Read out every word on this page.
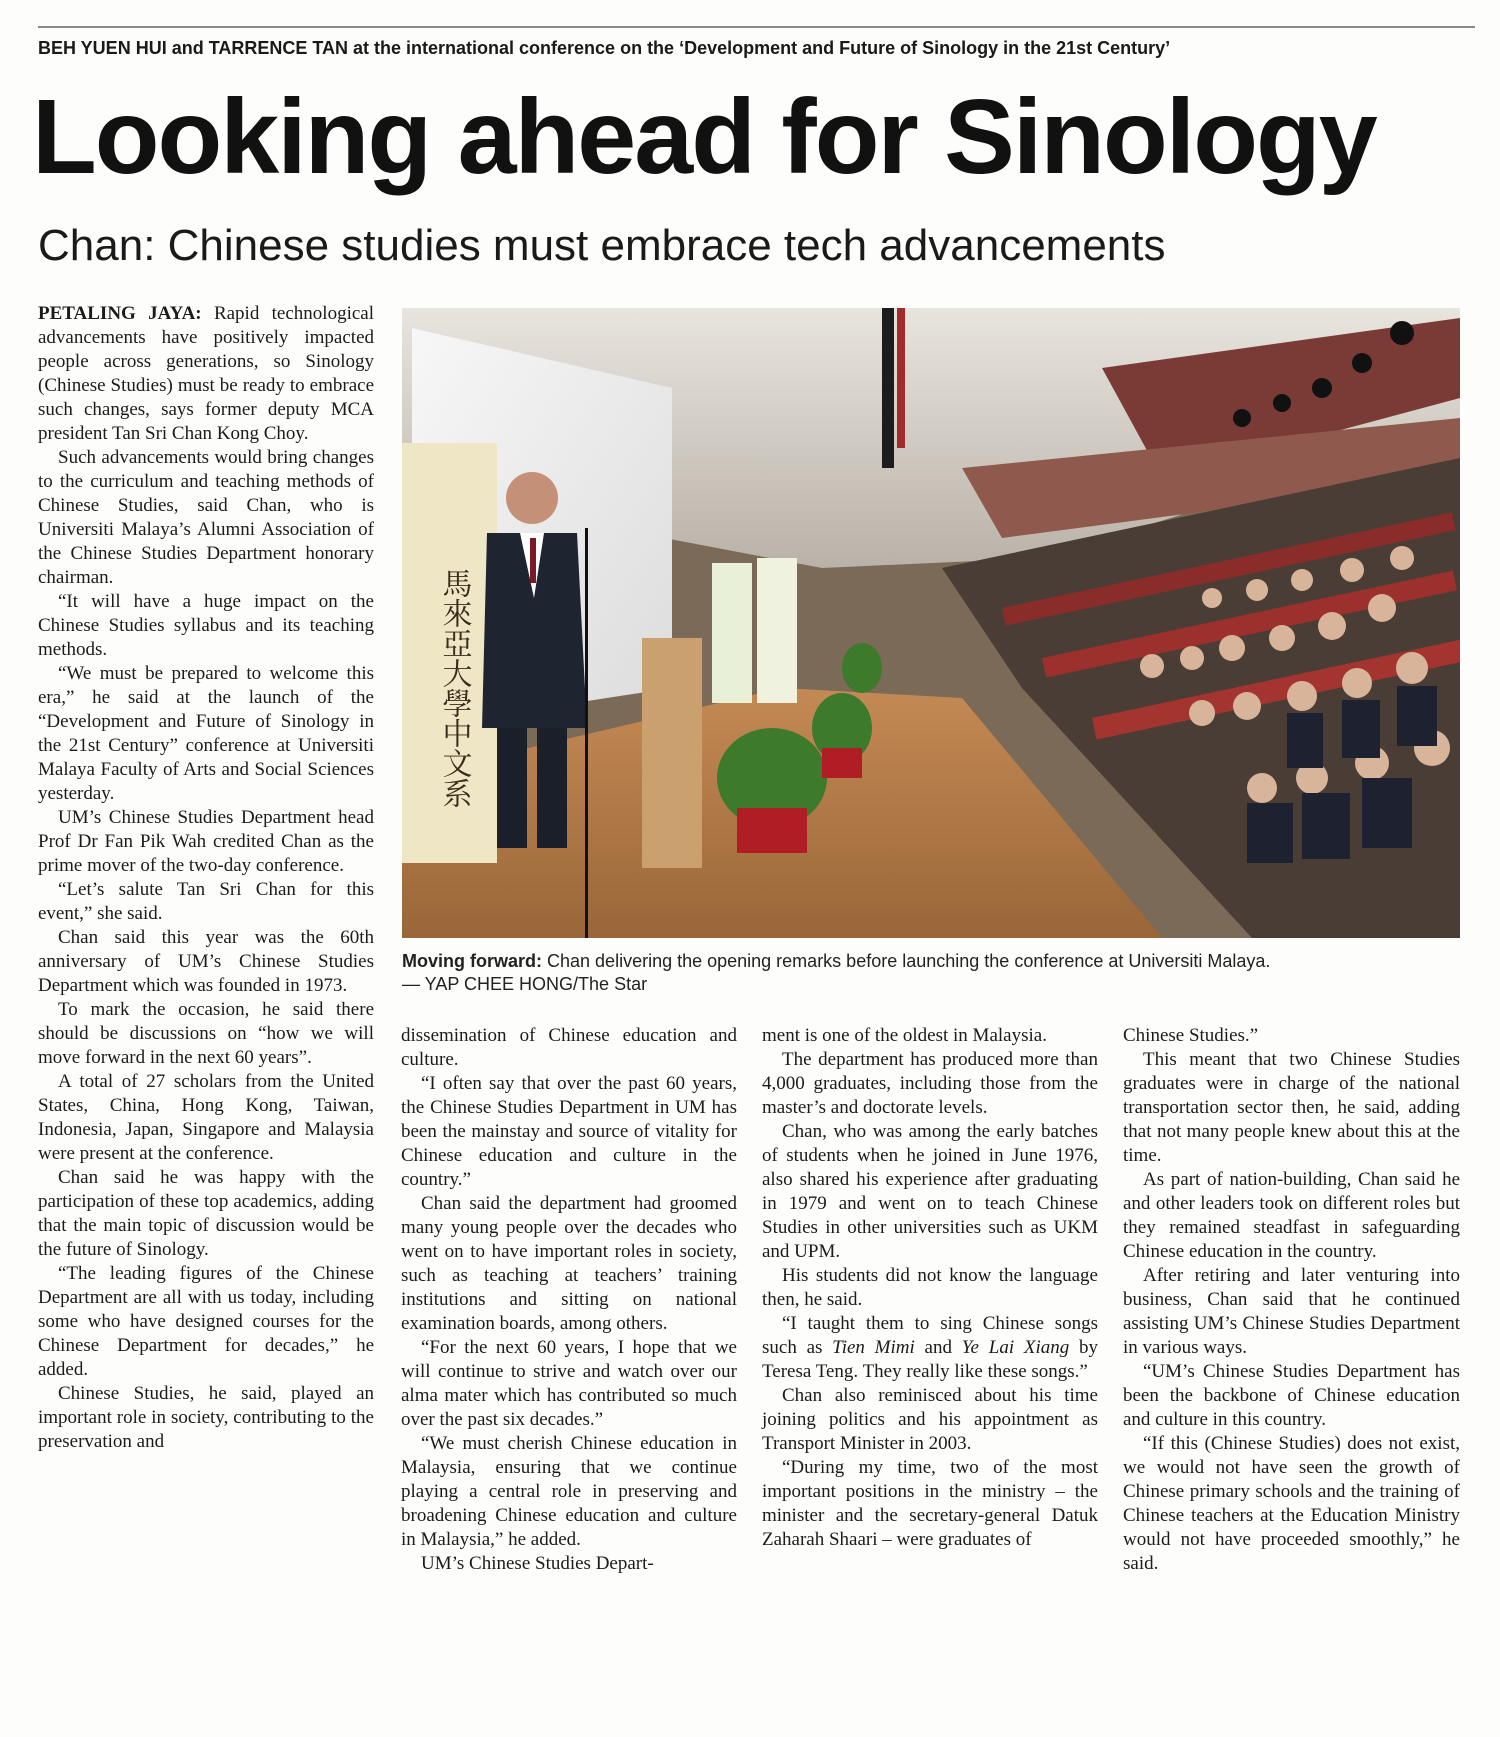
BEH YUEN HUI and TARRENCE TAN at the international conference on the ‘Development and Future of Sinology in the 21st Century’
Looking ahead for Sinology
Chan: Chinese studies must embrace tech advancements

PETALING JAYA: Rapid technological advancements have positively impacted people across generations, so Sinology (Chinese Studies) must be ready to embrace such changes, says former deputy MCA president Tan Sri Chan Kong Choy.

Such advancements would bring changes to the curriculum and teaching methods of Chinese Studies, said Chan, who is Universiti Malaya’s Alumni Association of the Chinese Studies Department honorary chairman.

“It will have a huge impact on the Chinese Studies syllabus and its teaching methods.

“We must be prepared to welcome this era,” he said at the launch of the “Development and Future of Sinology in the 21st Century” conference at Universiti Malaya Faculty of Arts and Social Sciences yesterday.

UM’s Chinese Studies Department head Prof Dr Fan Pik Wah credited Chan as the prime mover of the two-day conference.

“Let’s salute Tan Sri Chan for this event,” she said.

Chan said this year was the 60th anniversary of UM’s Chinese Studies Department which was founded in 1973.

To mark the occasion, he said there should be discussions on “how we will move forward in the next 60 years”.

A total of 27 scholars from the United States, China, Hong Kong, Taiwan, Indonesia, Japan, Singapore and Malaysia were present at the conference.

Chan said he was happy with the participation of these top academics, adding that the main topic of discussion would be the future of Sinology.

“The leading figures of the Chinese Department are all with us today, including some who have designed courses for the Chinese Department for decades,” he added.

Chinese Studies, he said, played an important role in society, contributing to the preservation and

馬來亞大學中文系
Moving forward: Chan delivering the opening remarks before launching the conference at Universiti Malaya.
— YAP CHEE HONG/The Star

dissemination of Chinese education and culture.

“I often say that over the past 60 years, the Chinese Studies Department in UM has been the mainstay and source of vitality for Chinese education and culture in the country.”

Chan said the department had groomed many young people over the decades who went on to have important roles in society, such as teaching at teachers’ training institutions and sitting on national examination boards, among others.

“For the next 60 years, I hope that we will continue to strive and watch over our alma mater which has contributed so much over the past six decades.”

“We must cherish Chinese education in Malaysia, ensuring that we continue playing a central role in preserving and broadening Chinese education and culture in Malaysia,” he added.

UM’s Chinese Studies Depart-

ment is one of the oldest in Malaysia.

The department has produced more than 4,000 graduates, including those from the master’s and doctorate levels.

Chan, who was among the early batches of students when he joined in June 1976, also shared his experience after graduating in 1979 and went on to teach Chinese Studies in other universities such as UKM and UPM.

His students did not know the language then, he said.

“I taught them to sing Chinese songs such as Tien Mimi and Ye Lai Xiang by Teresa Teng. They really like these songs.”

Chan also reminisced about his time joining politics and his appointment as Transport Minister in 2003.

“During my time, two of the most important positions in the ministry – the minister and the secretary-general Datuk Zaharah Shaari – were graduates of

Chinese Studies.”

This meant that two Chinese Studies graduates were in charge of the national transportation sector then, he said, adding that not many people knew about this at the time.

As part of nation-building, Chan said he and other leaders took on different roles but they remained steadfast in safeguarding Chinese education in the country.

After retiring and later venturing into business, Chan said that he continued assisting UM’s Chinese Studies Department in various ways.

“UM’s Chinese Studies Department has been the backbone of Chinese education and culture in this country.

“If this (Chinese Studies) does not exist, we would not have seen the growth of Chinese primary schools and the training of Chinese teachers at the Education Ministry would not have proceeded smoothly,” he said.
